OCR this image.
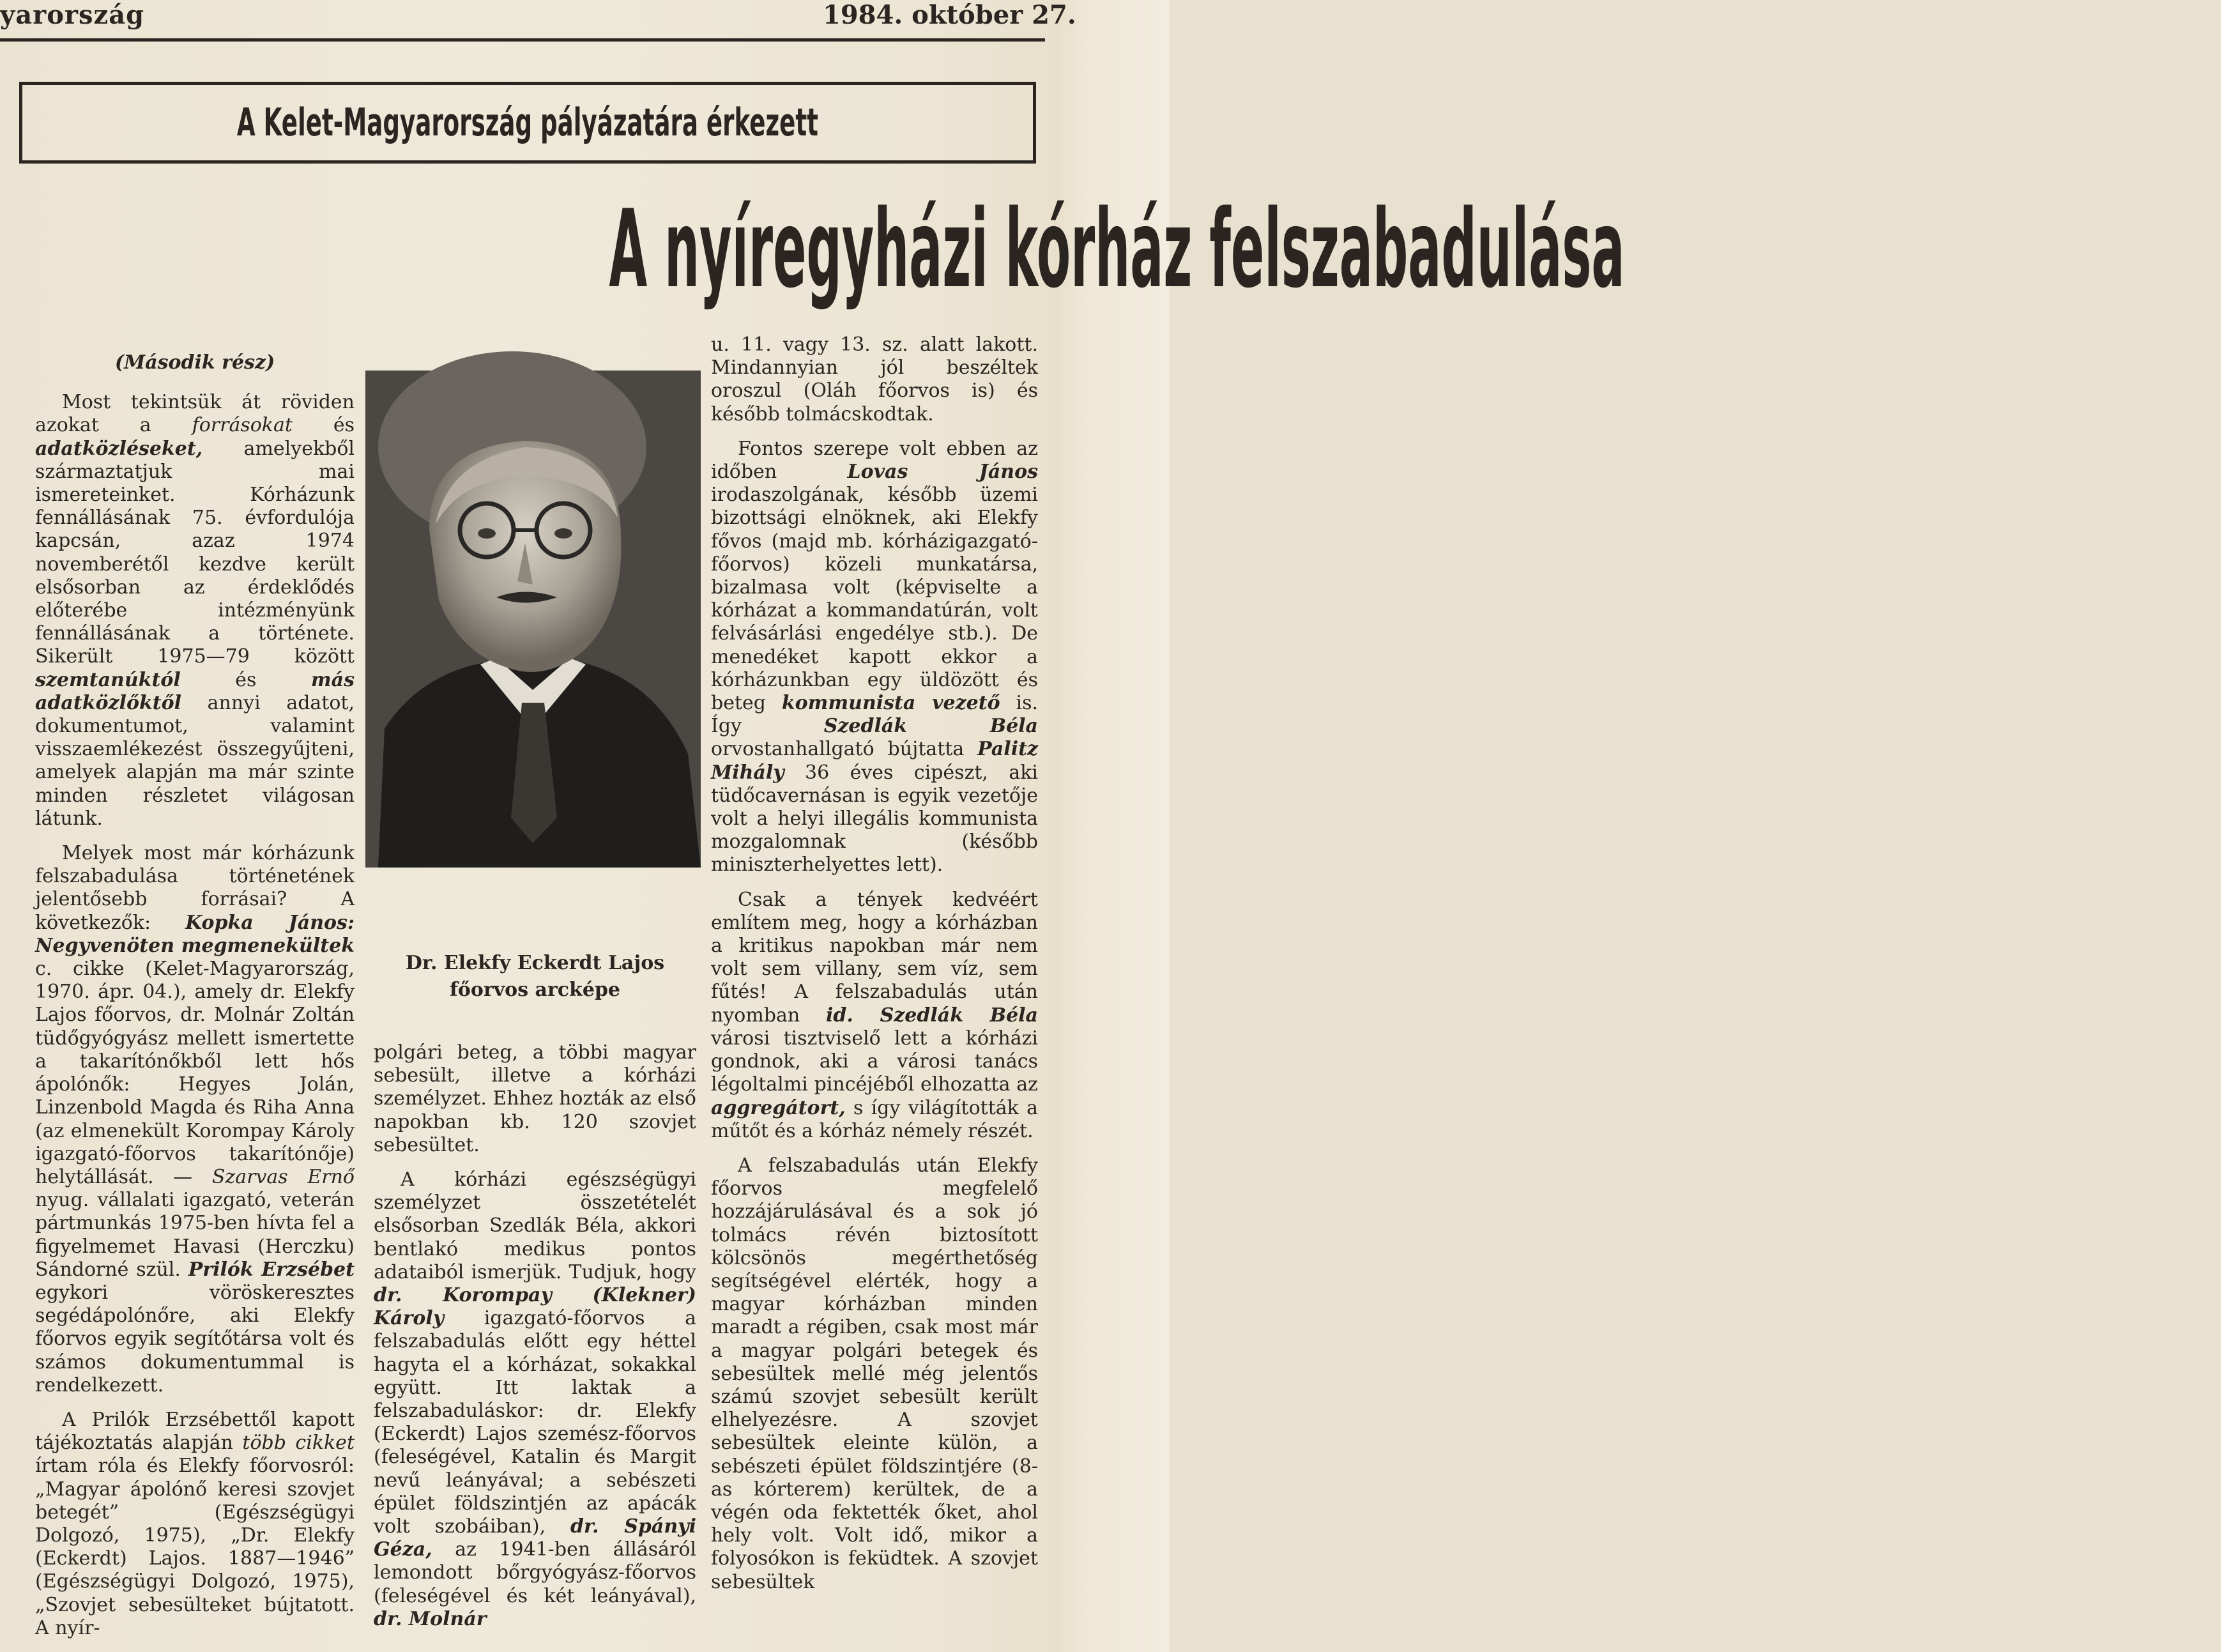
yarország	1984. október 27.
A Kelet-Magyarország pályázatára érkezett
A nyíregyházi kórház felszabadulása
(Második rész)

Most tekintsük át röviden azokat a forrásokat és adatközléseket, amelyekből származtatjuk mai ismereteinket. Kórházunk fennállásának 75. évfordulója kapcsán, azaz 1974 novemberétől kezdve került elsősorban az érdeklődés előterébe intézményünk fennállásának a története. Sikerült 1975—79 között szemtanúktól és más adatközlőktől annyi adatot, dokumentumot, valamint visszaemlékezést összegyűjteni, amelyek alapján ma már szinte minden részletet világosan látunk.

Melyek most már kórházunk felszabadulása történetének jelentősebb forrásai? A következők: Kopka János: Negyvenöten megmenekültek c. cikke (Kelet-Magyarország, 1970. ápr. 04.), amely dr. Elekfy Lajos főorvos, dr. Molnár Zoltán tüdőgyógyász mellett ismertette a takarítónőkből lett hős ápolónők: Hegyes Jolán, Linzenbold Magda és Riha Anna (az elmenekült Korompay Károly igazgató-főorvos takarítónője) helytállását. — Szarvas Ernő nyug. vállalati igazgató, veterán pártmunkás 1975-ben hívta fel a figyelmemet Havasi (Herczku) Sándorné szül. Prilók Erzsébet egykori vöröskeresztes segédápolónőre, aki Elekfy főorvos egyik segítőtársa volt és számos dokumentummal is rendelkezett.

A Prilók Erzsébettől kapott tájékoztatás alapján több cikket írtam róla és Elekfy főorvosról: „Magyar ápolónő keresi szovjet betegét” (Egészségügyi Dolgozó, 1975), „Dr. Elekfy (Eckerdt) Lajos. 1887—1946” (Egészségügyi Dolgozó, 1975), „Szovjet sebesülteket bújtatott. A nyír-

Dr. Elekfy Eckerdt Lajos
főorvos arcképe

polgári beteg, a többi magyar sebesült, illetve a kórházi személyzet. Ehhez hozták az első napokban kb. 120 szovjet sebesültet.

A kórházi egészségügyi személyzet összetételét elsősorban Szedlák Béla, akkori bentlakó medikus pontos adataiból ismerjük. Tudjuk, hogy dr. Korompay (Klekner) Károly igazgató-főorvos a felszabadulás előtt egy héttel hagyta el a kórházat, sokakkal együtt. Itt laktak a felszabaduláskor: dr. Elekfy (Eckerdt) Lajos szemész-főorvos (feleségével, Katalin és Margit nevű leányával; a sebészeti épület földszintjén az apácák volt szobáiban), dr. Spányi Géza, az 1941-ben állásáról lemondott bőrgyógyász-főorvos (feleségével és két leányával), dr. Molnár

u. 11. vagy 13. sz. alatt lakott. Mindannyian jól beszéltek oroszul (Oláh főorvos is) és később tolmácskodtak.

Fontos szerepe volt ebben az időben Lovas János irodaszolgának, később üzemi bizottsági elnöknek, aki Elekfy fővos (majd mb. kórházigazgató-főorvos) közeli munkatársa, bizalmasa volt (képviselte a kórházat a kommandatúrán, volt felvásárlási engedélye stb.). De menedéket kapott ekkor a kórházunkban egy üldözött és beteg kommunista vezető is. Így Szedlák Béla orvostanhallgató bújtatta Palitz Mihály 36 éves cipészt, aki tüdőcavernásan is egyik vezetője volt a helyi illegális kommunista mozgalomnak (később miniszterhelyettes lett).

Csak a tények kedvéért említem meg, hogy a kórházban a kritikus napokban már nem volt sem villany, sem víz, sem fűtés! A felszabadulás után nyomban id. Szedlák Béla városi tisztviselő lett a kórházi gondnok, aki a városi tanács légoltalmi pincéjéből elhozatta az aggregátort, s így világították a műtőt és a kórház némely részét.

A felszabadulás után Elekfy főorvos megfelelő hozzájárulásával és a sok jó tolmács révén biztosított kölcsönös megérthetőség segítségével elérték, hogy a magyar kórházban minden maradt a régiben, csak most már a magyar polgári betegek és sebesültek mellé még jelentős számú szovjet sebesült került elhelyezésre. A szovjet sebesültek eleinte külön, a sebészeti épület földszintjére (8-as kórterem) kerültek, de a végén oda fektették őket, ahol hely volt. Volt idő, mikor a folyosókon is feküdtek. A szovjet sebesültek
